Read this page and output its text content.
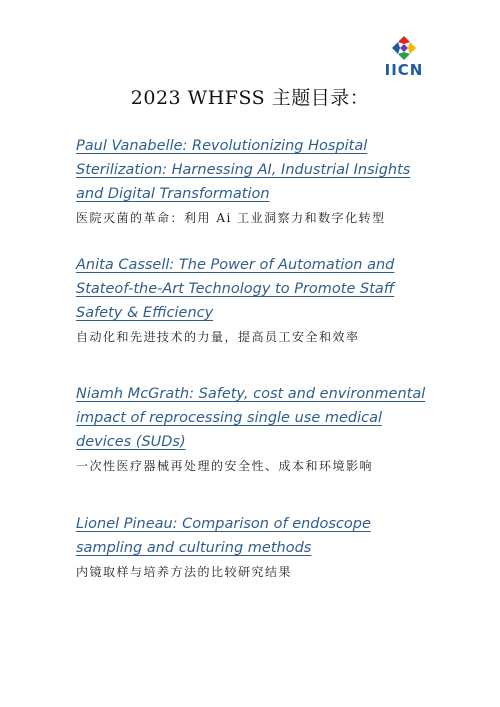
IICN
2023 WHFSS 主题目录：
Paul Vanabelle: Revolutionizing Hospital Sterilization: Harnessing AI, Industrial Insights and Digital Transformation
医院灭菌的革命：利用 Ai 工业洞察力和数字化转型
Anita Cassell: The Power of Automation and Stateof-the-Art Technology to Promote Staff Safety & Efficiency
自动化和先进技术的力量，提高员工安全和效率
Niamh McGrath: Safety, cost and environmental impact of reprocessing single use medical devices (SUDs)
一次性医疗器械再处理的安全性、成本和环境影响
Lionel Pineau: Comparison of endoscope sampling and culturing methods
内镜取样与培养方法的比较研究结果
